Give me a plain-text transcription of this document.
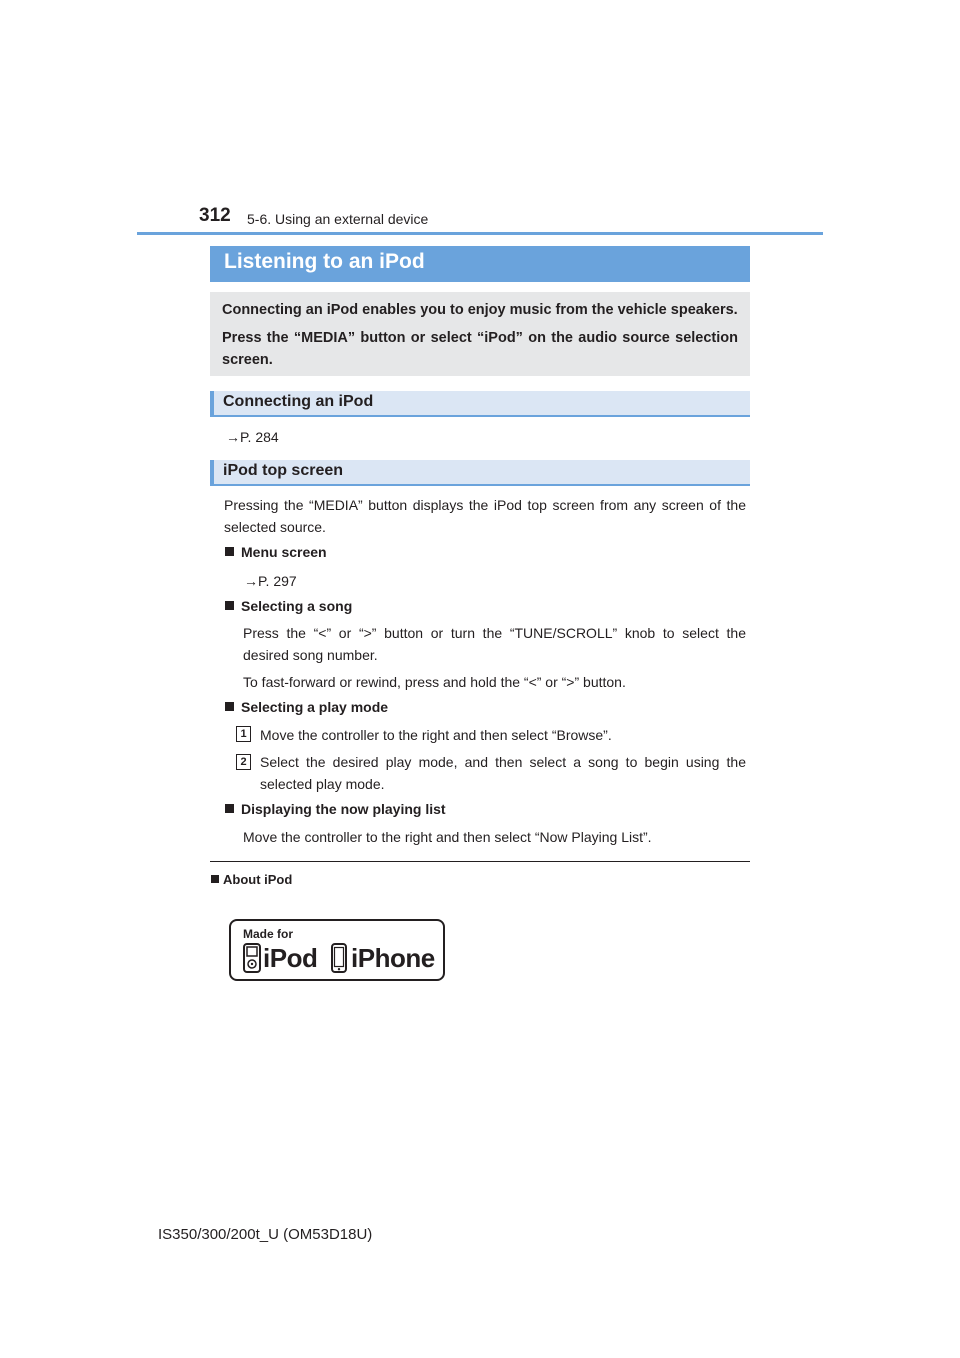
312 5-6. Using an external device
Listening to an iPod
Connecting an iPod enables you to enjoy music from the vehicle speakers.
Press the “MEDIA” button or select “iPod” on the audio source selection screen.
Connecting an iPod
→P. 284
iPod top screen
Pressing the “MEDIA” button displays the iPod top screen from any screen of the selected source.
Menu screen
→P. 297
Selecting a song
Press the “<” or “>” button or turn the “TUNE/SCROLL” knob to select the desired song number.
To fast-forward or rewind, press and hold the “<” or “>” button.
Selecting a play mode
1 Move the controller to the right and then select “Browse”.
2 Select the desired play mode, and then select a song to begin using the selected play mode.
Displaying the now playing list
Move the controller to the right and then select “Now Playing List”.
About iPod
Made for
iPod iPhone
IS350/300/200t_U (OM53D18U)
